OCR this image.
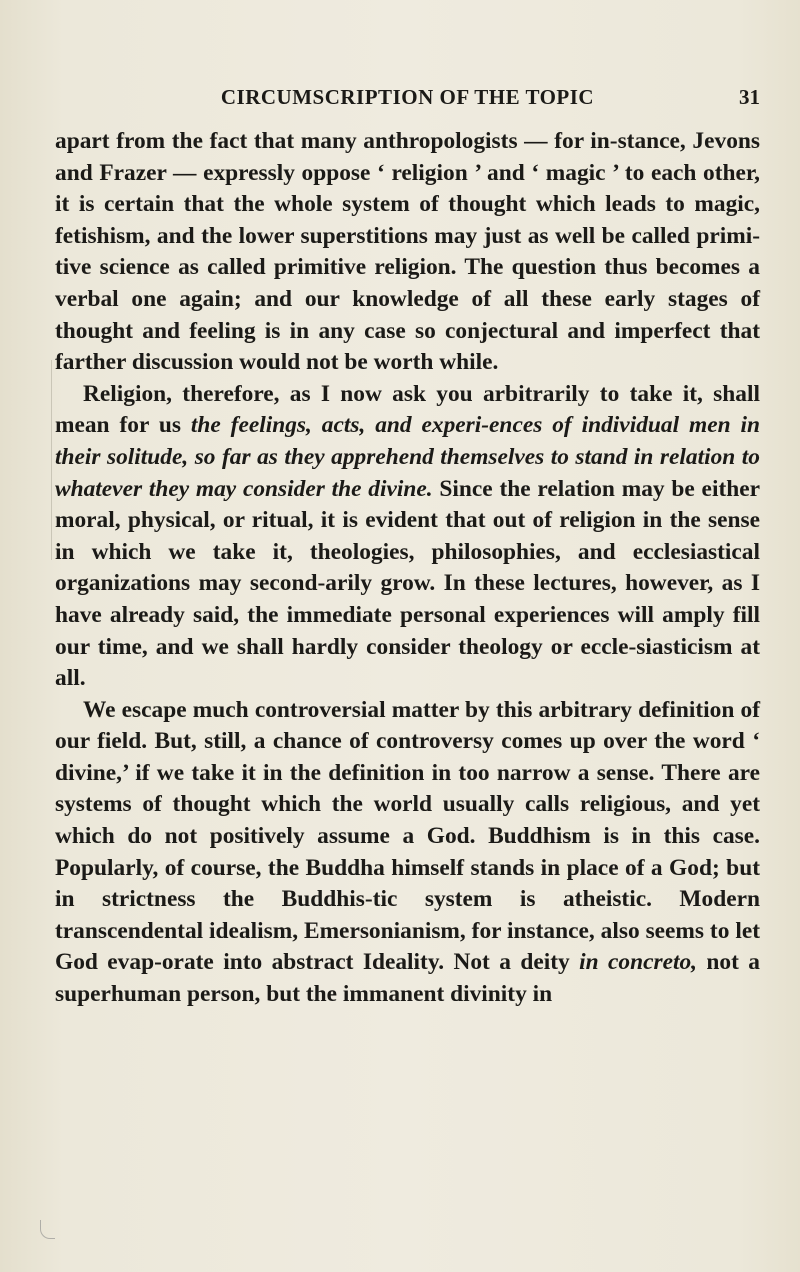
CIRCUMSCRIPTION OF THE TOPIC	31

apart from the fact that many anthropologists — for in-stance, Jevons and Frazer — expressly oppose ‘ religion ’ and ‘ magic ’ to each other, it is certain that the whole system of thought which leads to magic, fetishism, and the lower superstitions may just as well be called primi-tive science as called primitive religion. The question thus becomes a verbal one again; and our knowledge of all these early stages of thought and feeling is in any case so conjectural and imperfect that farther discussion would not be worth while.

Religion, therefore, as I now ask you arbitrarily to take it, shall mean for us the feelings, acts, and experi-ences of individual men in their solitude, so far as they apprehend themselves to stand in relation to whatever they may consider the divine. Since the relation may be either moral, physical, or ritual, it is evident that out of religion in the sense in which we take it, theologies, philosophies, and ecclesiastical organizations may second-arily grow. In these lectures, however, as I have already said, the immediate personal experiences will amply fill our time, and we shall hardly consider theology or eccle-siasticism at all.

We escape much controversial matter by this arbitrary definition of our field. But, still, a chance of controversy comes up over the word ‘ divine,’ if we take it in the definition in too narrow a sense. There are systems of thought which the world usually calls religious, and yet which do not positively assume a God. Buddhism is in this case. Popularly, of course, the Buddha himself stands in place of a God; but in strictness the Buddhis-tic system is atheistic. Modern transcendental idealism, Emersonianism, for instance, also seems to let God evap-orate into abstract Ideality. Not a deity in concreto, not a superhuman person, but the immanent divinity in
